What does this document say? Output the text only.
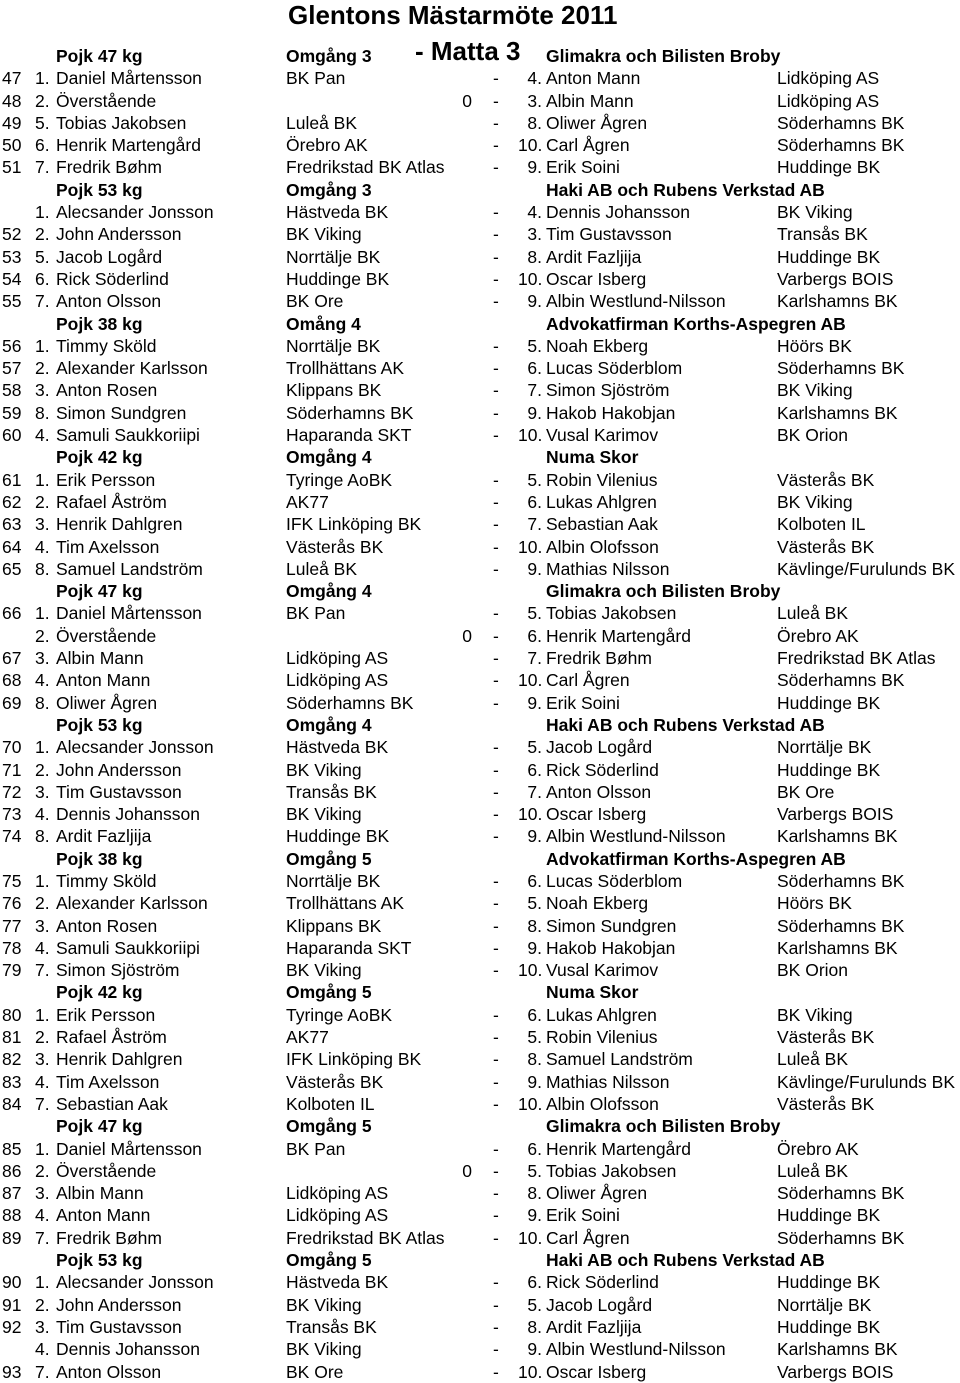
Glentons Mästarmöte 2011
- Matta 3
Pojk 47 kg	Omgång 3	Glimakra och Bilisten Broby
47 1. Daniel Mårtensson	BK Pan	-	4. Anton Mann	Lidköping AS
48 2. Överstående	0 -	3. Albin Mann	Lidköping AS
49 5. Tobias Jakobsen	Luleå BK	-	8. Oliwer Ågren	Söderhamns BK
50 6. Henrik Martengård	Örebro AK	- 10. Carl Ågren	Söderhamns BK
51 7. Fredrik Bøhm	Fredrikstad BK Atlas	-	9. Erik Soini	Huddinge BK
Pojk 53 kg	Omgång 3	Haki AB och Rubens Verkstad AB
1. Alecsander Jonsson	Hästveda BK	-	4. Dennis Johansson	BK Viking
52 2. John Andersson	BK Viking	-	3. Tim Gustavsson	Transås BK
53 5. Jacob Logård	Norrtälje BK	-	8. Ardit Fazljija	Huddinge BK
54 6. Rick Söderlind	Huddinge BK	- 10. Oscar Isberg	Varbergs BOIS
55 7. Anton Olsson	BK Ore	-	9. Albin Westlund-Nilsson	Karlshamns BK
Pojk 38 kg	Omång 4	Advokatfirman Korths-Aspegren AB
56 1. Timmy Sköld	Norrtälje BK	-	5. Noah Ekberg	Höörs BK
57 2. Alexander Karlsson	Trollhättans AK	-	6. Lucas Söderblom	Söderhamns BK
58 3. Anton Rosen	Klippans BK	-	7. Simon Sjöström	BK Viking
59 8. Simon Sundgren	Söderhamns BK	-	9. Hakob Hakobjan	Karlshamns BK
60 4. Samuli Saukkoriipi	Haparanda SKT	- 10. Vusal Karimov	BK Orion
Pojk 42 kg	Omgång 4	Numa Skor
61 1. Erik Persson	Tyringe AoBK	-	5. Robin Vilenius	Västerås BK
62 2. Rafael Åström	AK77	-	6. Lukas Ahlgren	BK Viking
63 3. Henrik Dahlgren	IFK Linköping BK	-	7. Sebastian Aak	Kolboten IL
64 4. Tim Axelsson	Västerås BK	- 10. Albin Olofsson	Västerås BK
65 8. Samuel Landström	Luleå BK	-	9. Mathias Nilsson	Kävlinge/Furulunds BK
Pojk 47 kg	Omgång 4	Glimakra och Bilisten Broby
66 1. Daniel Mårtensson	BK Pan	-	5. Tobias Jakobsen	Luleå BK
2. Överstående	0 -	6. Henrik Martengård	Örebro AK
67 3. Albin Mann	Lidköping AS	-	7. Fredrik Bøhm	Fredrikstad BK Atlas
68 4. Anton Mann	Lidköping AS	- 10. Carl Ågren	Söderhamns BK
69 8. Oliwer Ågren	Söderhamns BK	-	9. Erik Soini	Huddinge BK
Pojk 53 kg	Omgång 4	Haki AB och Rubens Verkstad AB
70 1. Alecsander Jonsson	Hästveda BK	-	5. Jacob Logård	Norrtälje BK
71 2. John Andersson	BK Viking	-	6. Rick Söderlind	Huddinge BK
72 3. Tim Gustavsson	Transås BK	-	7. Anton Olsson	BK Ore
73 4. Dennis Johansson	BK Viking	- 10. Oscar Isberg	Varbergs BOIS
74 8. Ardit Fazljija	Huddinge BK	-	9. Albin Westlund-Nilsson	Karlshamns BK
Pojk 38 kg	Omgång 5	Advokatfirman Korths-Aspegren AB
75 1. Timmy Sköld	Norrtälje BK	-	6. Lucas Söderblom	Söderhamns BK
76 2. Alexander Karlsson	Trollhättans AK	-	5. Noah Ekberg	Höörs BK
77 3. Anton Rosen	Klippans BK	-	8. Simon Sundgren	Söderhamns BK
78 4. Samuli Saukkoriipi	Haparanda SKT	-	9. Hakob Hakobjan	Karlshamns BK
79 7. Simon Sjöström	BK Viking	- 10. Vusal Karimov	BK Orion
Pojk 42 kg	Omgång 5	Numa Skor
80 1. Erik Persson	Tyringe AoBK	-	6. Lukas Ahlgren	BK Viking
81 2. Rafael Åström	AK77	-	5. Robin Vilenius	Västerås BK
82 3. Henrik Dahlgren	IFK Linköping BK	-	8. Samuel Landström	Luleå BK
83 4. Tim Axelsson	Västerås BK	-	9. Mathias Nilsson	Kävlinge/Furulunds BK
84 7. Sebastian Aak	Kolboten IL	- 10. Albin Olofsson	Västerås BK
Pojk 47 kg	Omgång 5	Glimakra och Bilisten Broby
85 1. Daniel Mårtensson	BK Pan	-	6. Henrik Martengård	Örebro AK
86 2. Överstående	0 -	5. Tobias Jakobsen	Luleå BK
87 3. Albin Mann	Lidköping AS	-	8. Oliwer Ågren	Söderhamns BK
88 4. Anton Mann	Lidköping AS	-	9. Erik Soini	Huddinge BK
89 7. Fredrik Bøhm	Fredrikstad BK Atlas	- 10. Carl Ågren	Söderhamns BK
Pojk 53 kg	Omgång 5	Haki AB och Rubens Verkstad AB
90 1. Alecsander Jonsson	Hästveda BK	-	6. Rick Söderlind	Huddinge BK
91 2. John Andersson	BK Viking	-	5. Jacob Logård	Norrtälje BK
92 3. Tim Gustavsson	Transås BK	-	8. Ardit Fazljija	Huddinge BK
4. Dennis Johansson	BK Viking	-	9. Albin Westlund-Nilsson	Karlshamns BK
93 7. Anton Olsson	BK Ore	- 10. Oscar Isberg	Varbergs BOIS
